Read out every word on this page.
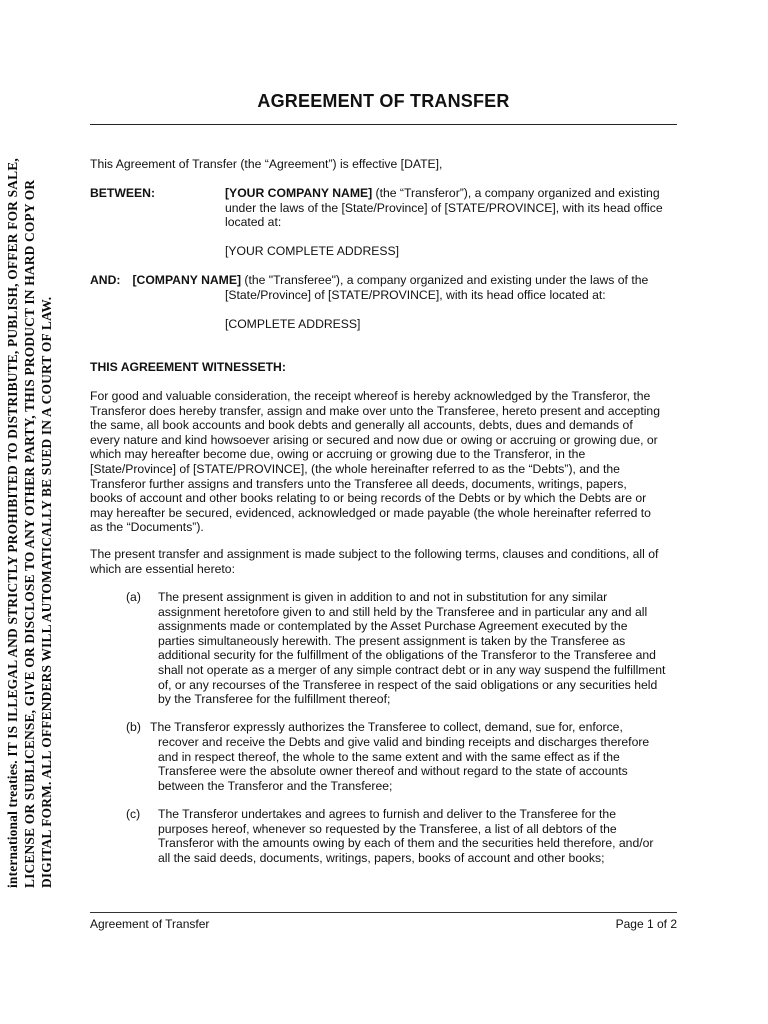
international treaties. IT IS ILLEGAL AND STRICTLY PROHIBITED TO DISTRIBUTE, PUBLISH, OFFER FOR SALE, LICENSE OR SUBLICENSE, GIVE OR DISCLOSE TO ANY OTHER PARTY, THIS PRODUCT IN HARD COPY OR DIGITAL FORM. ALL OFFENDERS WILL AUTOMATICALLY BE SUED IN A COURT OF LAW.
AGREEMENT OF TRANSFER
This Agreement of Transfer (the “Agreement”) is effective [DATE],
BETWEEN:	[YOUR COMPANY NAME] (the “Transferor”), a company organized and existing
under the laws of the [State/Province] of [STATE/PROVINCE], with its head office
located at:
[YOUR COMPLETE ADDRESS]
AND: [COMPANY NAME] (the "Transferee"), a company organized and existing under the laws of the
[State/Province] of [STATE/PROVINCE], with its head office located at:
[COMPLETE ADDRESS]
THIS AGREEMENT WITNESSETH:
For good and valuable consideration, the receipt whereof is hereby acknowledged by the Transferor, the
Transferor does hereby transfer, assign and make over unto the Transferee, hereto present and accepting
the same, all book accounts and book debts and generally all accounts, debts, dues and demands of
every nature and kind howsoever arising or secured and now due or owing or accruing or growing due, or
which may hereafter become due, owing or accruing or growing due to the Transferor, in the
[State/Province] of [STATE/PROVINCE], (the whole hereinafter referred to as the “Debts”), and the
Transferor further assigns and transfers unto the Transferee all deeds, documents, writings, papers,
books of account and other books relating to or being records of the Debts or by which the Debts are or
may hereafter be secured, evidenced, acknowledged or made payable (the whole hereinafter referred to
as the “Documents”).
The present transfer and assignment is made subject to the following terms, clauses and conditions, all of
which are essential hereto:
(a) The present assignment is given in addition to and not in substitution for any similar
assignment heretofore given to and still held by the Transferee and in particular any and all
assignments made or contemplated by the Asset Purchase Agreement executed by the
parties simultaneously herewith. The present assignment is taken by the Transferee as
additional security for the fulfillment of the obligations of the Transferor to the Transferee and
shall not operate as a merger of any simple contract debt or in any way suspend the fulfillment
of, or any recourses of the Transferee in respect of the said obligations or any securities held
by the Transferee for the fulfillment thereof;
(b) The Transferor expressly authorizes the Transferee to collect, demand, sue for, enforce,
recover and receive the Debts and give valid and binding receipts and discharges therefore
and in respect thereof, the whole to the same extent and with the same effect as if the
Transferee were the absolute owner thereof and without regard to the state of accounts
between the Transferor and the Transferee;
(c) The Transferor undertakes and agrees to furnish and deliver to the Transferee for the
purposes hereof, whenever so requested by the Transferee, a list of all debtors of the
Transferor with the amounts owing by each of them and the securities held therefore, and/or
all the said deeds, documents, writings, papers, books of account and other books;
Agreement of Transfer	Page 1 of 2
